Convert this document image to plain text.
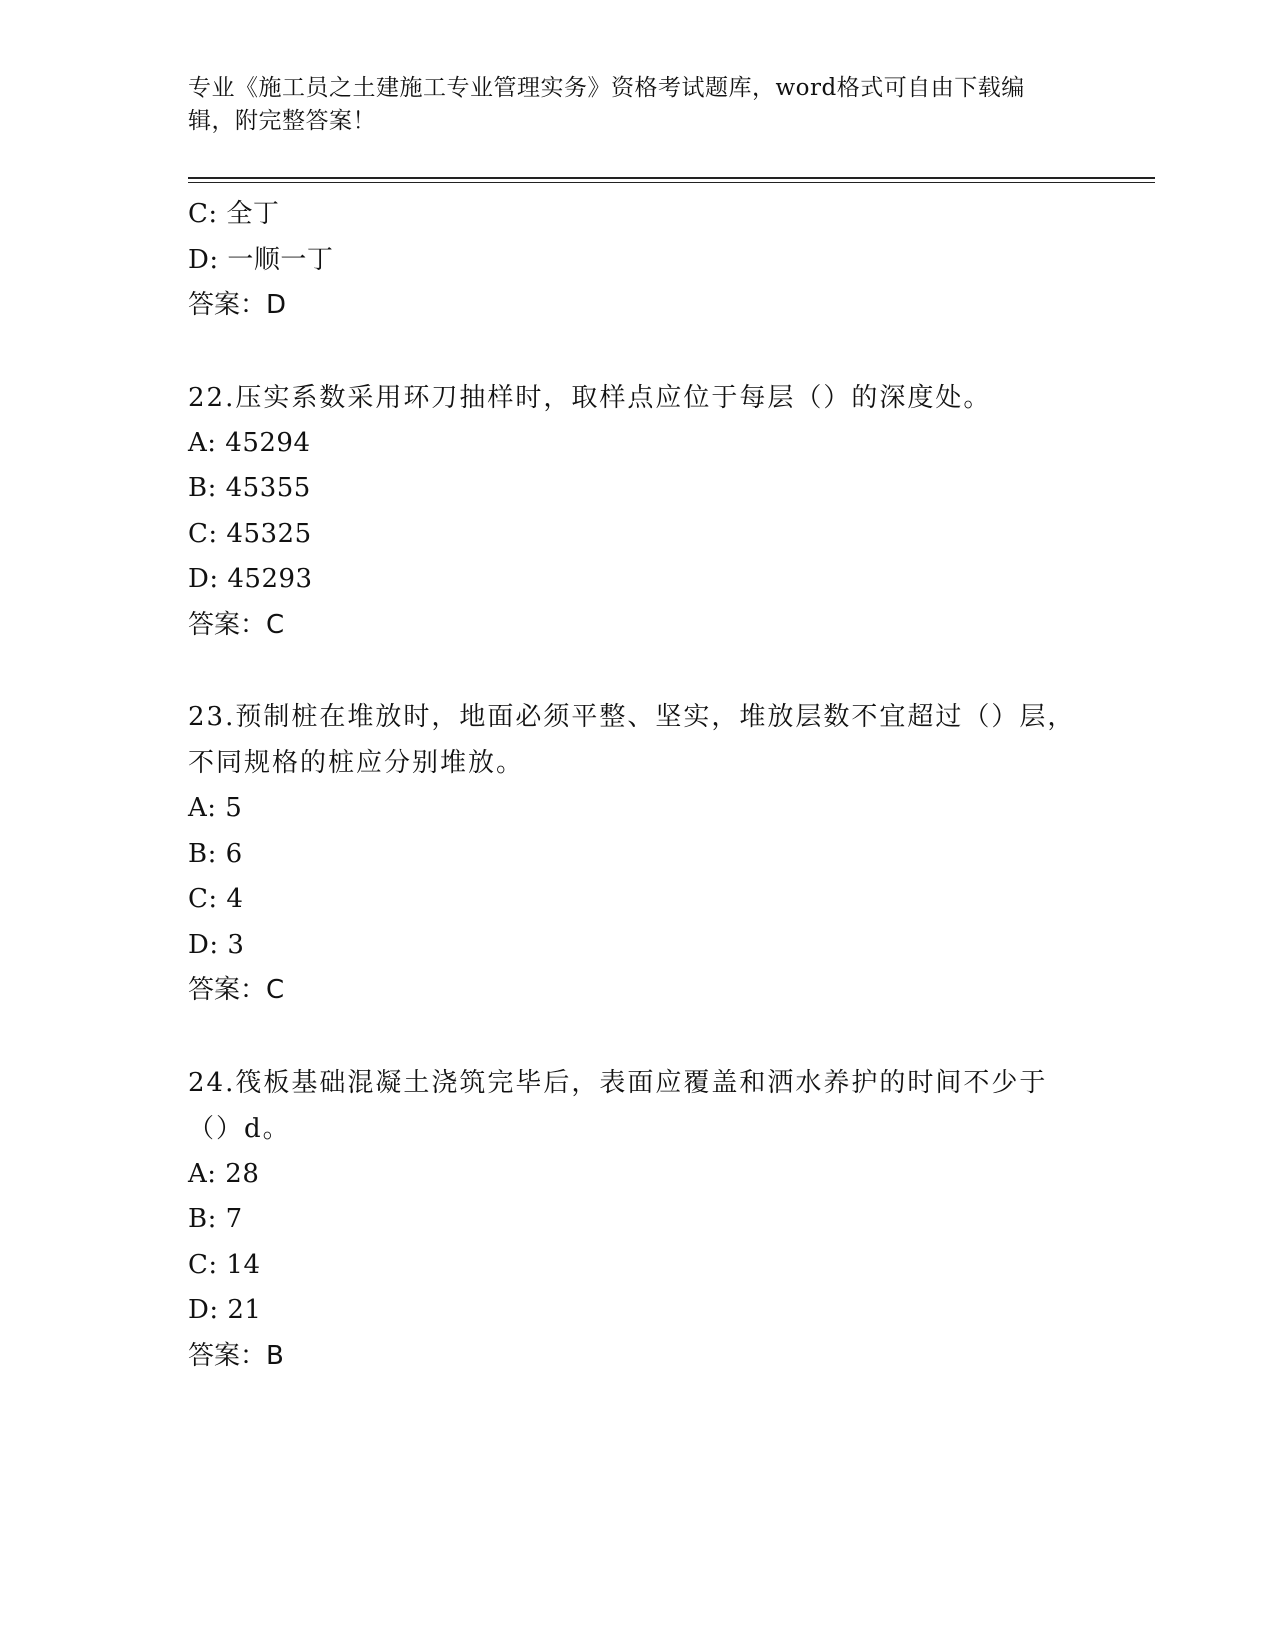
专业《施工员之土建施工专业管理实务》资格考试题库，word格式可自由下载编辑，附完整答案！
C: 全丁
D: 一顺一丁
答案：D
22.压实系数采用环刀抽样时，取样点应位于每层（）的深度处。
A: 45294
B: 45355
C: 45325
D: 45293
答案：C
23.预制桩在堆放时，地面必须平整、坚实，堆放层数不宜超过（）层，不同规格的桩应分别堆放。
A: 5
B: 6
C: 4
D: 3
答案：C
24.筏板基础混凝土浇筑完毕后，表面应覆盖和洒水养护的时间不少于（）d。
A: 28
B: 7
C: 14
D: 21
答案：B
